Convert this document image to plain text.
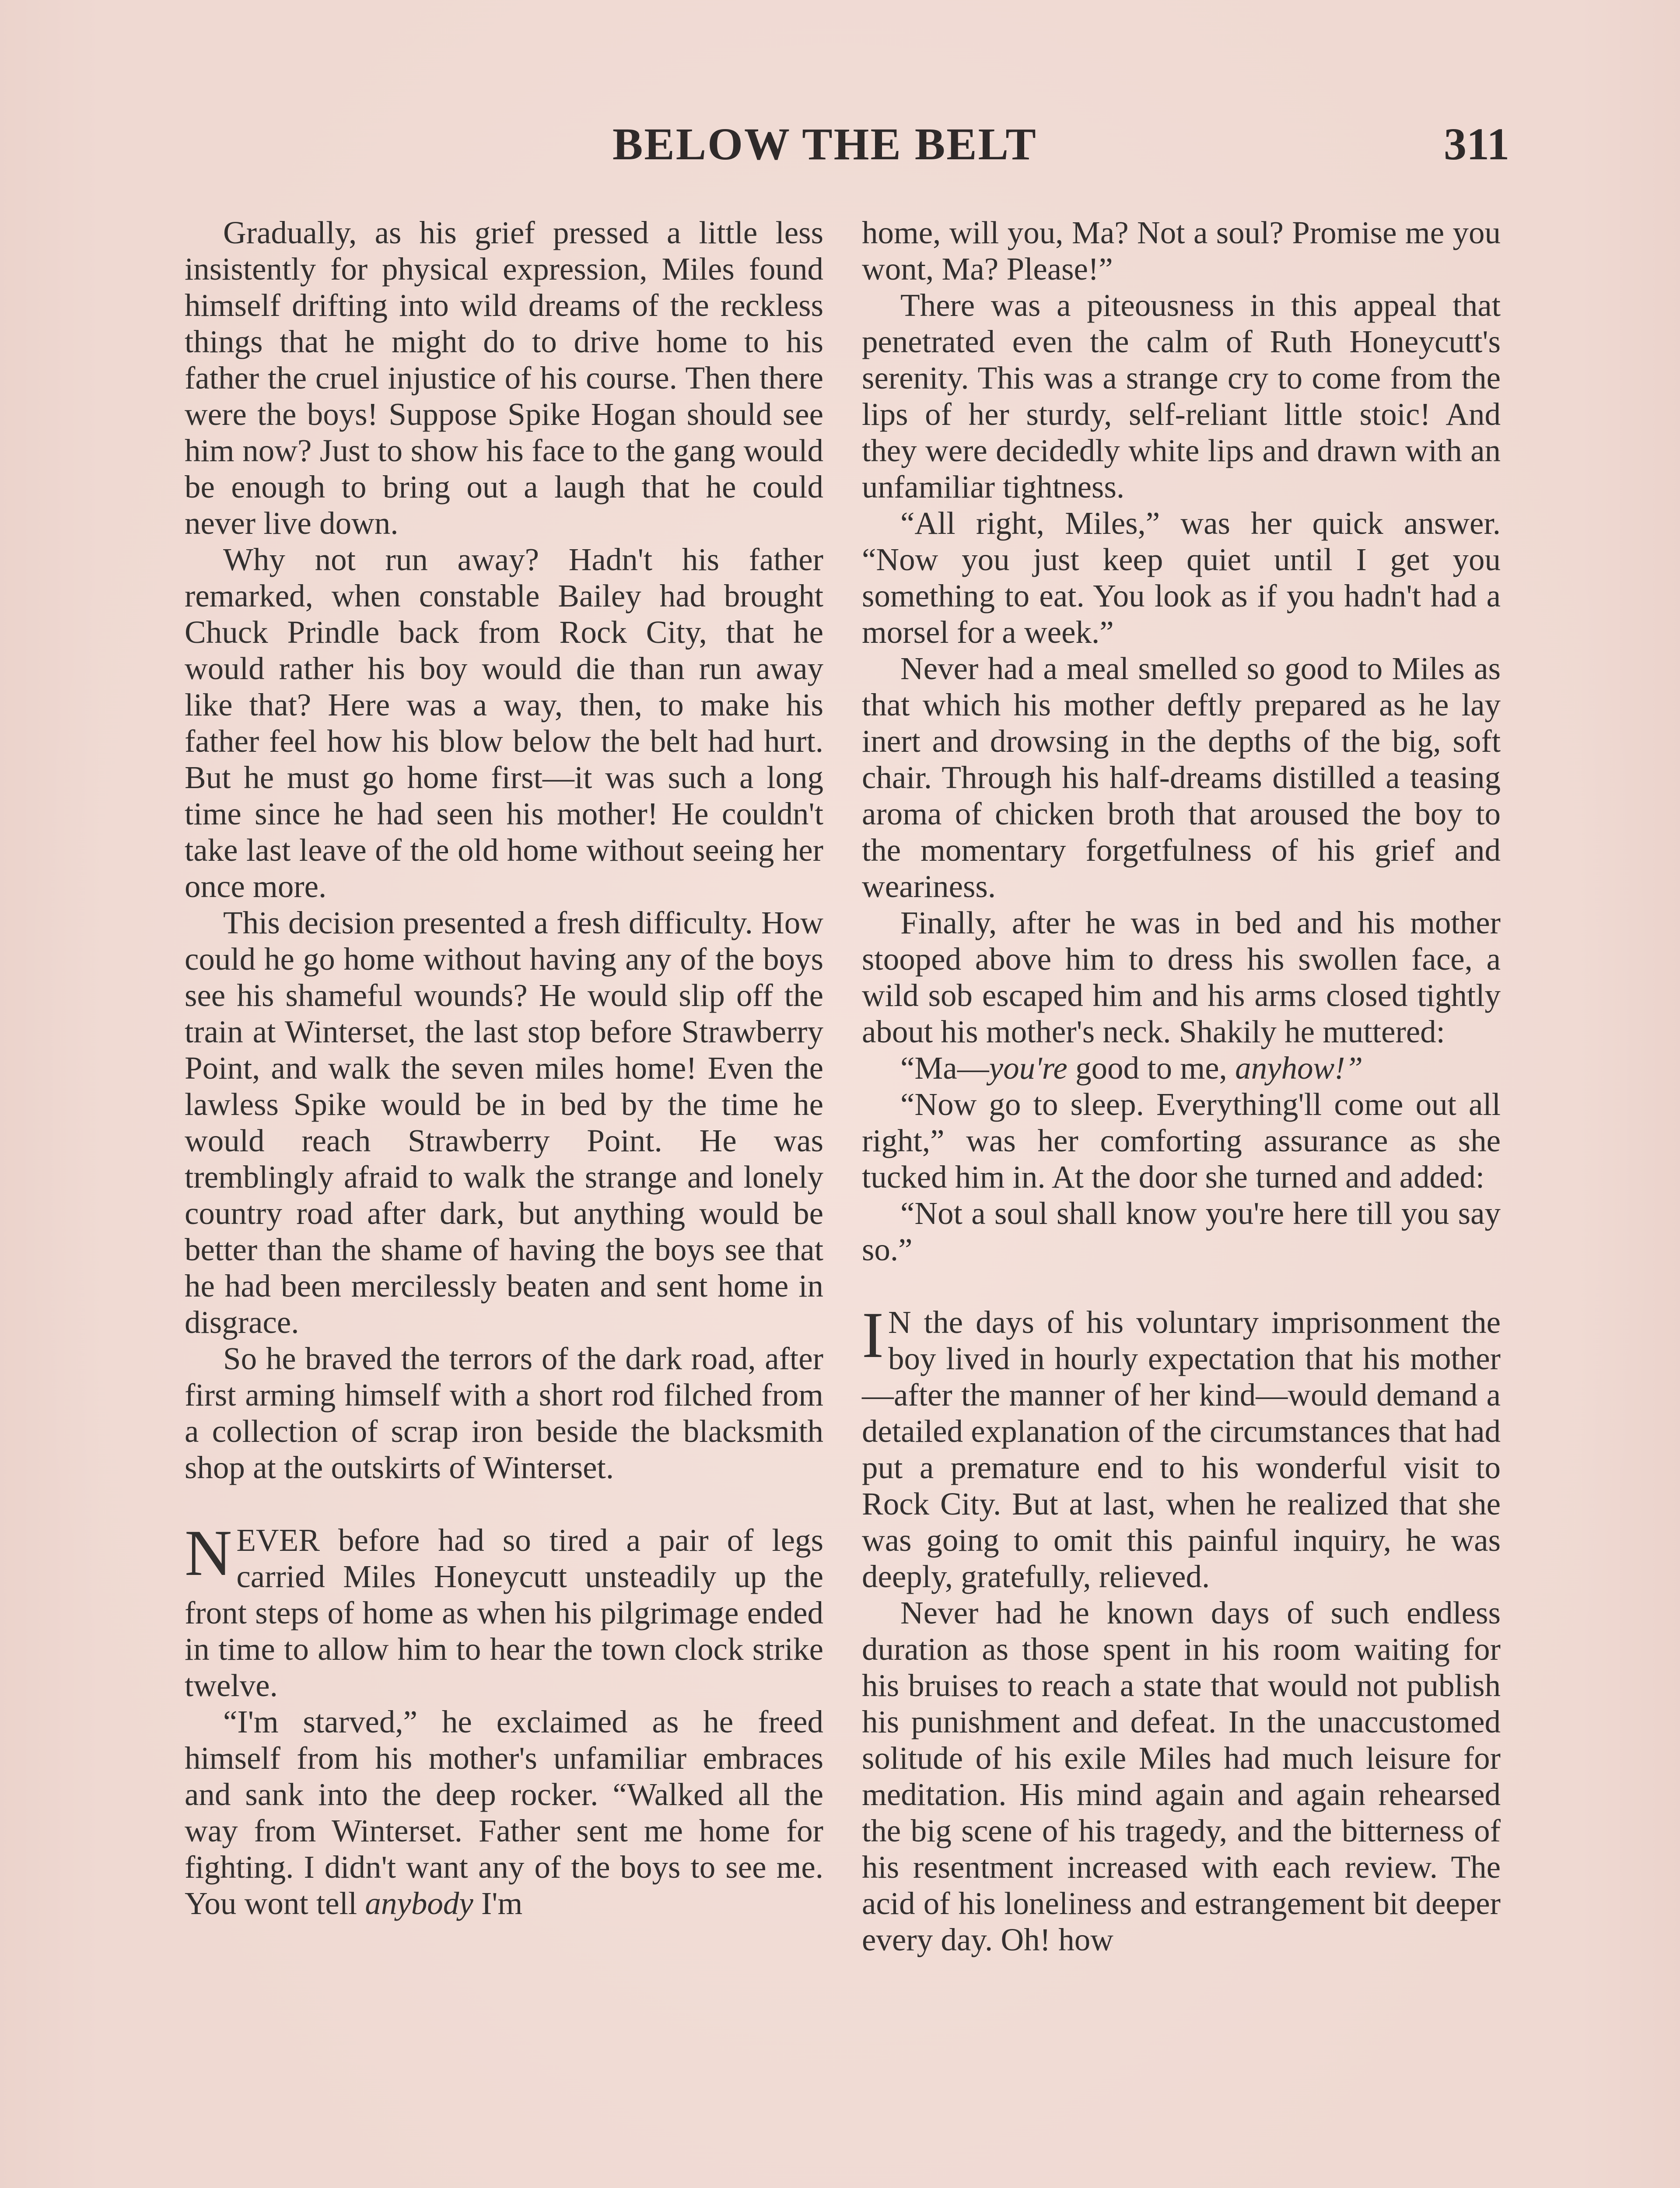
BELOW THE BELT	311

Gradually, as his grief pressed a little less insistently for physical expression, Miles found himself drifting into wild dreams of the reckless things that he might do to drive home to his father the cruel injustice of his course. Then there were the boys! Suppose Spike Hogan should see him now? Just to show his face to the gang would be enough to bring out a laugh that he could never live down.

Why not run away? Hadn't his father remarked, when constable Bailey had brought Chuck Prindle back from Rock City, that he would rather his boy would die than run away like that? Here was a way, then, to make his father feel how his blow below the belt had hurt. But he must go home first—it was such a long time since he had seen his mother! He couldn't take last leave of the old home without seeing her once more.

This decision presented a fresh difficulty. How could he go home without having any of the boys see his shameful wounds? He would slip off the train at Winterset, the last stop before Strawberry Point, and walk the seven miles home! Even the lawless Spike would be in bed by the time he would reach Strawberry Point. He was tremblingly afraid to walk the strange and lonely country road after dark, but anything would be better than the shame of having the boys see that he had been mercilessly beaten and sent home in disgrace.

So he braved the terrors of the dark road, after first arming himself with a short rod filched from a collection of scrap iron beside the blacksmith shop at the outskirts of Winterset.

NEVER before had so tired a pair of legs carried Miles Honeycutt unsteadily up the front steps of home as when his pilgrimage ended in time to allow him to hear the town clock strike twelve.

“I'm starved,” he exclaimed as he freed himself from his mother's unfamiliar embraces and sank into the deep rocker. “Walked all the way from Winterset. Father sent me home for fighting. I didn't want any of the boys to see me. You wont tell anybody I'm

home, will you, Ma? Not a soul? Promise me you wont, Ma? Please!”

There was a piteousness in this appeal that penetrated even the calm of Ruth Honeycutt's serenity. This was a strange cry to come from the lips of her sturdy, self-reliant little stoic! And they were decidedly white lips and drawn with an unfamiliar tightness.

“All right, Miles,” was her quick answer. “Now you just keep quiet until I get you something to eat. You look as if you hadn't had a morsel for a week.”

Never had a meal smelled so good to Miles as that which his mother deftly prepared as he lay inert and drowsing in the depths of the big, soft chair. Through his half-dreams distilled a teasing aroma of chicken broth that aroused the boy to the momentary forgetfulness of his grief and weariness.

Finally, after he was in bed and his mother stooped above him to dress his swollen face, a wild sob escaped him and his arms closed tightly about his mother's neck. Shakily he muttered:

“Ma—you're good to me, anyhow!”

“Now go to sleep. Everything'll come out all right,” was her comforting assurance as she tucked him in. At the door she turned and added:

“Not a soul shall know you're here till you say so.”

I N the days of his voluntary imprisonment the boy lived in hourly expectation that his mother—after the manner of her kind—would demand a detailed explanation of the circumstances that had put a premature end to his wonderful visit to Rock City. But at last, when he realized that she was going to omit this painful inquiry, he was deeply, gratefully, relieved.

Never had he known days of such endless duration as those spent in his room waiting for his bruises to reach a state that would not publish his punishment and defeat. In the unaccustomed solitude of his exile Miles had much leisure for meditation. His mind again and again rehearsed the big scene of his tragedy, and the bitterness of his resentment increased with each review. The acid of his loneliness and estrangement bit deeper every day. Oh! how
